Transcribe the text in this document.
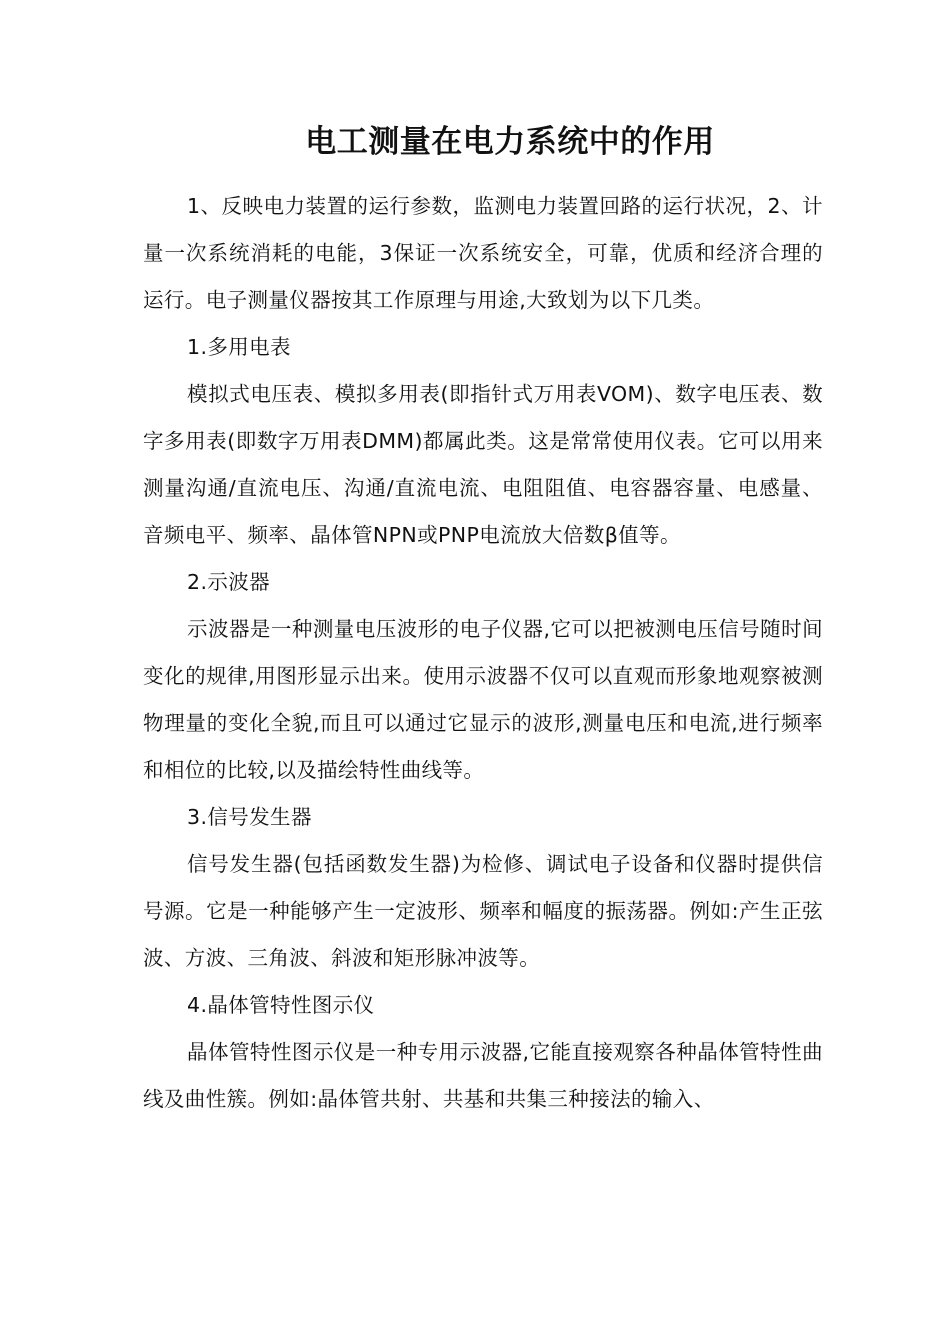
电工测量在电力系统中的作用

1、反映电力装置的运行参数，监测电力装置回路的运行状况，2、计量一次系统消耗的电能，3保证一次系统安全，可靠，优质和经济合理的运行。电子测量仪器按其工作原理与用途,大致划为以下几类。

1.多用电表

模拟式电压表、模拟多用表(即指针式万用表VOM)、数字电压表、数字多用表(即数字万用表DMM)都属此类。这是常常使用仪表。它可以用来测量沟通/直流电压、沟通/直流电流、电阻阻值、电容器容量、电感量、音频电平、频率、晶体管NPN或PNP电流放大倍数β值等。

2.示波器

示波器是一种测量电压波形的电子仪器,它可以把被测电压信号随时间变化的规律,用图形显示出来。使用示波器不仅可以直观而形象地观察被测物理量的变化全貌,而且可以通过它显示的波形,测量电压和电流,进行频率和相位的比较,以及描绘特性曲线等。

3.信号发生器

信号发生器(包括函数发生器)为检修、调试电子设备和仪器时提供信号源。它是一种能够产生一定波形、频率和幅度的振荡器。例如:产生正弦波、方波、三角波、斜波和矩形脉冲波等。

4.晶体管特性图示仪

晶体管特性图示仪是一种专用示波器,它能直接观察各种晶体管特性曲线及曲性簇。例如:晶体管共射、共基和共集三种接法的输入、
